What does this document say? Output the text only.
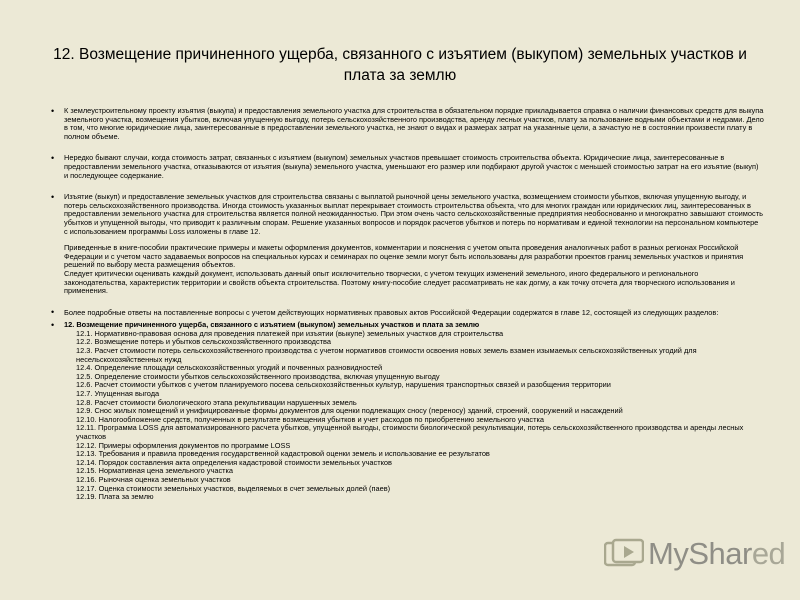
12. Возмещение причиненного ущерба, связанного с изъятием (выкупом) земельных участков и плата за землю
• К землеустроительному проекту изъятия (выкупа) и предоставления земельного участка для строительства в обязательном порядке прикладывается справка о наличии финансовых средств для выкупа земельного участка, возмещения убытков, включая упущенную выгоду, потерь сельскохозяйственного производства, аренду лесных участков, плату за пользование водными объектами и недрами. Дело в том, что многие юридические лица, заинтересованные в предоставлении земельного участка, не знают о видах и размерах затрат на указанные цели, а зачастую не в состоянии произвести плату в полном объеме.
• Нередко бывают случаи, когда стоимость затрат, связанных с изъятием (выкупом) земельных участков превышает стоимость строительства объекта. Юридические лица, заинтересованные в предоставлении земельного участка, отказываются от изъятия (выкупа) земельного участка, уменьшают его размер или подбирают другой участок с меньшей стоимостью затрат на его изъятие (выкуп) и последующее содержание.
• Изъятие (выкуп) и предоставление земельных участков для строительства связаны с выплатой рыночной цены земельного участка, возмещением стоимости убытков, включая упущенную выгоду, и потерь сельскохозяйственного производства. Иногда стоимость указанных выплат перекрывает стоимость строительства объекта, что для многих граждан или юридических лиц, заинтересованных в предоставлении земельного участка для строительства является полной неожиданностью. При этом очень часто сельскохозяйственные предприятия необоснованно и многократно завышают стоимость убытков и упущенной выгоды, что приводит к различным спорам. Решение указанных вопросов и порядок расчетов убытков и потерь по нормативам и единой технологии на персональном компьютере с использованием программы Loss изложены в главе 12.
Приведенные в книге-пособии практические примеры и макеты оформления документов, комментарии и пояснения с учетом опыта проведения аналогичных работ в разных регионах Российской Федерации и с учетом часто задаваемых вопросов на специальных курсах и семинарах по оценке земли могут быть использованы для разработки проектов границ земельных участков и принятия решений по выбору места размещения объектов.
Следует критически оценивать каждый документ, использовать данный опыт исключительно творчески, с учетом текущих изменений земельного, иного федерального и регионального законодательства, характеристик территории и свойств объекта строительства. Поэтому книгу-пособие следует рассматривать не как догму, а как точку отсчета для творческого использования и применения.
• Более подробные ответы на поставленные вопросы с учетом действующих нормативных правовых актов Российской Федерации содержатся в главе 12, состоящей из следующих разделов:
• 12. Возмещение причиненного ущерба, связанного с изъятием (выкупом) земельных участков и плата за землю
12.1. Нормативно-правовая основа для проведения платежей при изъятии (выкупе) земельных участков для строительства
12.2. Возмещение потерь и убытков сельскохозяйственного производства
12.3. Расчет стоимости потерь сельскохозяйственного производства с учетом нормативов стоимости освоения новых земель взамен изымаемых сельскохозяйственных угодий для несельскохозяйственных нужд
12.4. Определение площади сельскохозяйственных угодий и почвенных разновидностей
12.5. Определение стоимости убытков сельскохозяйственного производства, включая упущенную выгоду
12.6. Расчет стоимости убытков с учетом планируемого посева сельскохозяйственных культур, нарушения транспортных связей и разобщения территории
12.7. Упущенная выгода
12.8. Расчет стоимости биологического этапа рекультивации нарушенных земель
12.9. Снос жилых помещений и унифицированные формы документов для оценки подлежащих сносу (переносу) зданий, строений, сооружений и насаждений
12.10. Налогообложение средств, полученных в результате возмещения убытков и учет расходов по приобретению земельного участка
12.11. Программа LOSS для автоматизированного расчета убытков, упущенной выгоды, стоимости биологической рекультивации, потерь сельскохозяйственного производства и аренды лесных участков
12.12. Примеры оформления документов по программе LOSS
12.13. Требования и правила проведения государственной кадастровой оценки земель и использование ее результатов
12.14. Порядок составления акта определения кадастровой стоимости земельных участков
12.15. Нормативная цена земельного участка
12.16. Рыночная оценка земельных участков
12.17. Оценка стоимости земельных участков, выделяемых в счет земельных долей (паев)
12.19. Плата за землю
MyShared
